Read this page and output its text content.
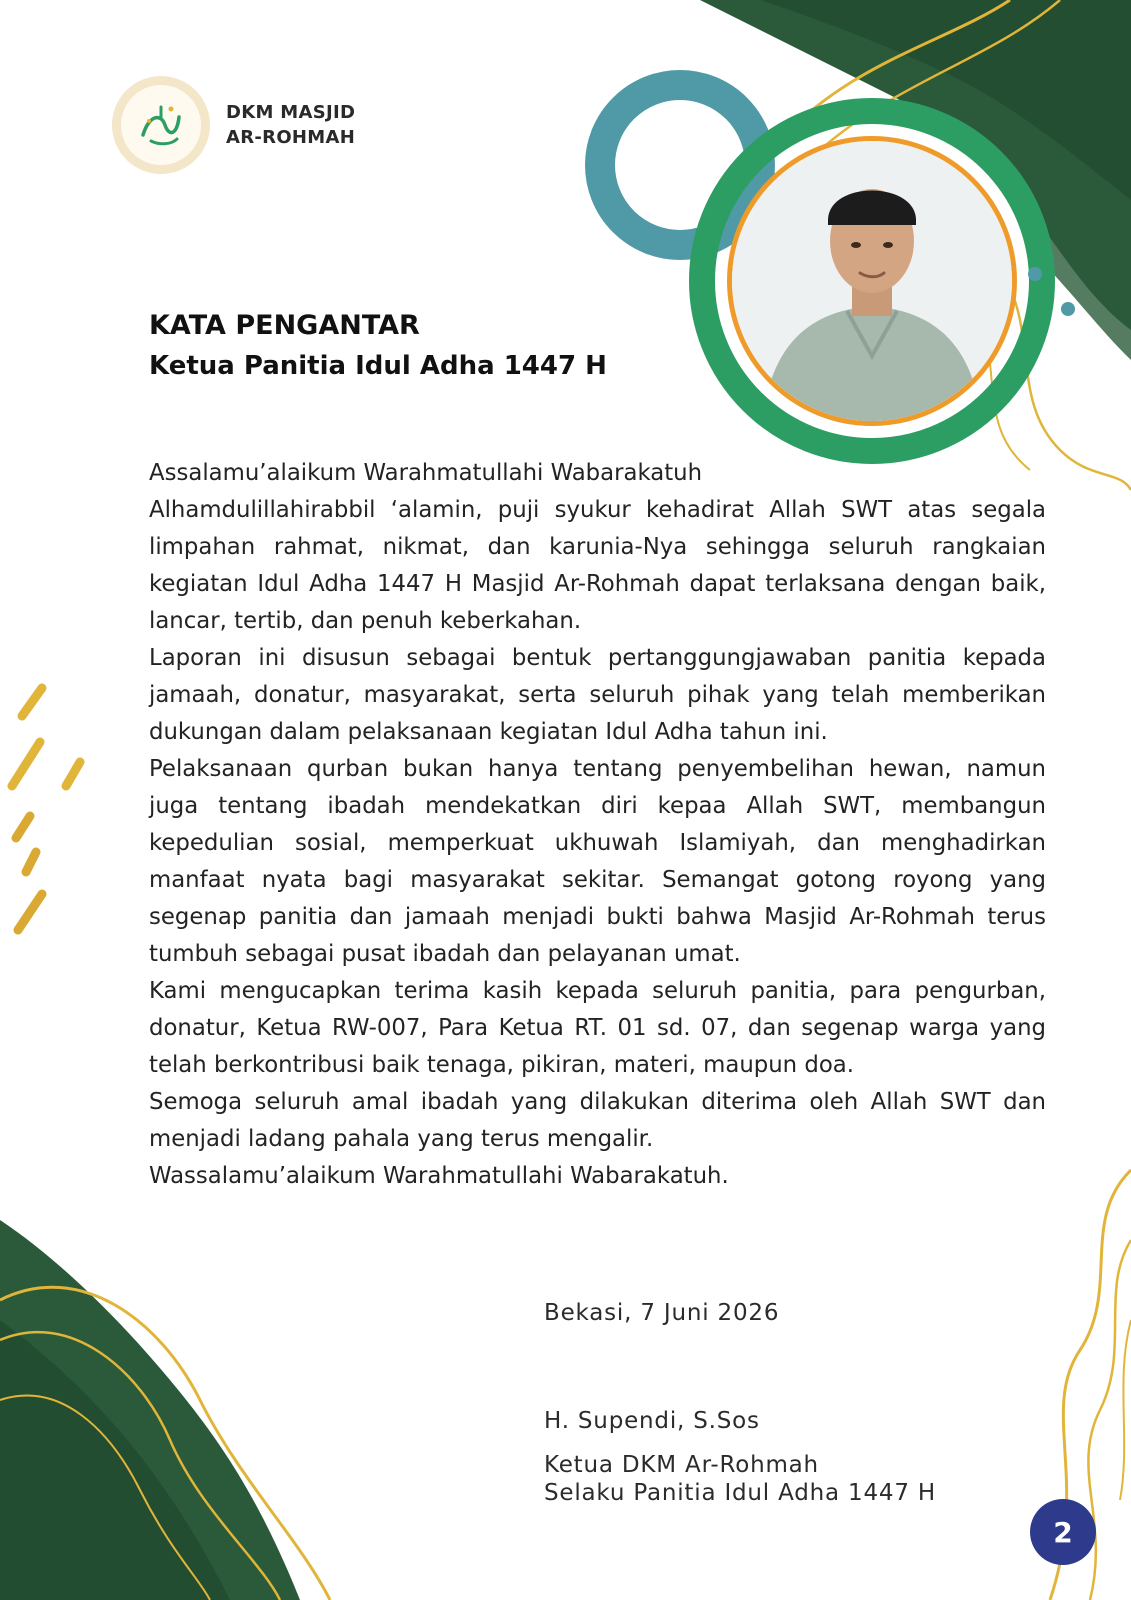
DKM MASJID
AR-ROHMAH
KATA PENGANTAR
Ketua Panitia Idul Adha 1447 H

Assalamu’alaikum Warahmatullahi Wabarakatuh

Alhamdulillahirabbil ‘alamin, puji syukur kehadirat Allah SWT atas segala limpahan rahmat, nikmat, dan karunia-Nya sehingga seluruh rangkaian kegiatan Idul Adha 1447 H Masjid Ar-Rohmah dapat terlaksana dengan baik, lancar, tertib, dan penuh keberkahan.

Laporan ini disusun sebagai bentuk pertanggungjawaban panitia kepada jamaah, donatur, masyarakat, serta seluruh pihak yang telah memberikan dukungan dalam pelaksanaan kegiatan Idul Adha tahun ini.

Pelaksanaan qurban bukan hanya tentang penyembelihan hewan, namun juga tentang ibadah mendekatkan diri kepaa Allah SWT, membangun kepedulian sosial, memperkuat ukhuwah Islamiyah, dan menghadirkan manfaat nyata bagi masyarakat sekitar. Semangat gotong royong yang segenap panitia dan jamaah menjadi bukti bahwa Masjid Ar-Rohmah terus tumbuh sebagai pusat ibadah dan pelayanan umat.

Kami mengucapkan terima kasih kepada seluruh panitia, para pengurban, donatur, Ketua RW-007, Para Ketua RT. 01 sd. 07, dan segenap warga yang telah berkontribusi baik tenaga, pikiran, materi, maupun doa.

Semoga seluruh amal ibadah yang dilakukan diterima oleh Allah SWT dan menjadi ladang pahala yang terus mengalir.

Wassalamu’alaikum Warahmatullahi Wabarakatuh.

Bekasi, 7 Juni 2026
H. Supendi, S.Sos
Ketua DKM Ar-Rohmah
Selaku Panitia Idul Adha 1447 H
2
